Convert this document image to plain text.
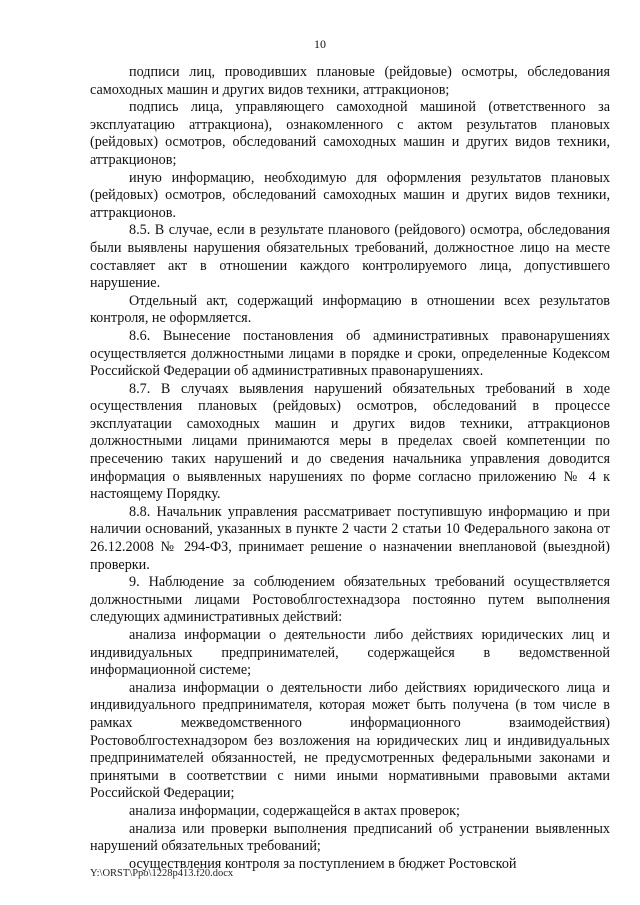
10

подписи лиц, проводивших плановые (рейдовые) осмотры, обследования самоходных машин и других видов техники, аттракционов;

подпись лица, управляющего самоходной машиной (ответственного за эксплуатацию аттракциона), ознакомленного с актом результатов плановых (рейдовых) осмотров, обследований самоходных машин и других видов техники, аттракционов;

иную информацию, необходимую для оформления результатов плановых (рейдовых) осмотров, обследований самоходных машин и других видов техники, аттракционов.

8.5. В случае, если в результате планового (рейдового) осмотра, обследования были выявлены нарушения обязательных требований, должностное лицо на месте составляет акт в отношении каждого контролируемого лица, допустившего нарушение.

Отдельный акт, содержащий информацию в отношении всех результатов контроля, не оформляется.

8.6. Вынесение постановления об административных правонарушениях осуществляется должностными лицами в порядке и сроки, определенные Кодексом Российской Федерации об административных правонарушениях.

8.7. В случаях выявления нарушений обязательных требований в ходе осуществления плановых (рейдовых) осмотров, обследований в процессе эксплуатации самоходных машин и других видов техники, аттракционов должностными лицами принимаются меры в пределах своей компетенции по пресечению таких нарушений и до сведения начальника управления доводится информация о выявленных нарушениях по форме согласно приложению № 4 к настоящему Порядку.

8.8. Начальник управления рассматривает поступившую информацию и при наличии оснований, указанных в пункте 2 части 2 статьи 10 Федерального закона от 26.12.2008 № 294-ФЗ, принимает решение о назначении внеплановой (выездной) проверки.

9. Наблюдение за соблюдением обязательных требований осуществляется должностными лицами Ростовоблгостехнадзора постоянно путем выполнения следующих административных действий:

анализа информации о деятельности либо действиях юридических лиц и индивидуальных предпринимателей, содержащейся в ведомственной информационной системе;

анализа информации о деятельности либо действиях юридического лица и индивидуального предпринимателя, которая может быть получена (в том числе в рамках межведомственного информационного взаимодействия) Ростовоблгостехнадзором без возложения на юридических лиц и индивидуальных предпринимателей обязанностей, не предусмотренных федеральными законами и принятыми в соответствии с ними иными нормативными правовыми актами Российской Федерации;

анализа информации, содержащейся в актах проверок;

анализа или проверки выполнения предписаний об устранении выявленных нарушений обязательных требований;

осуществления контроля за поступлением в бюджет Ростовской

Y:\ORST\Ppo\1228p413.f20.docx
